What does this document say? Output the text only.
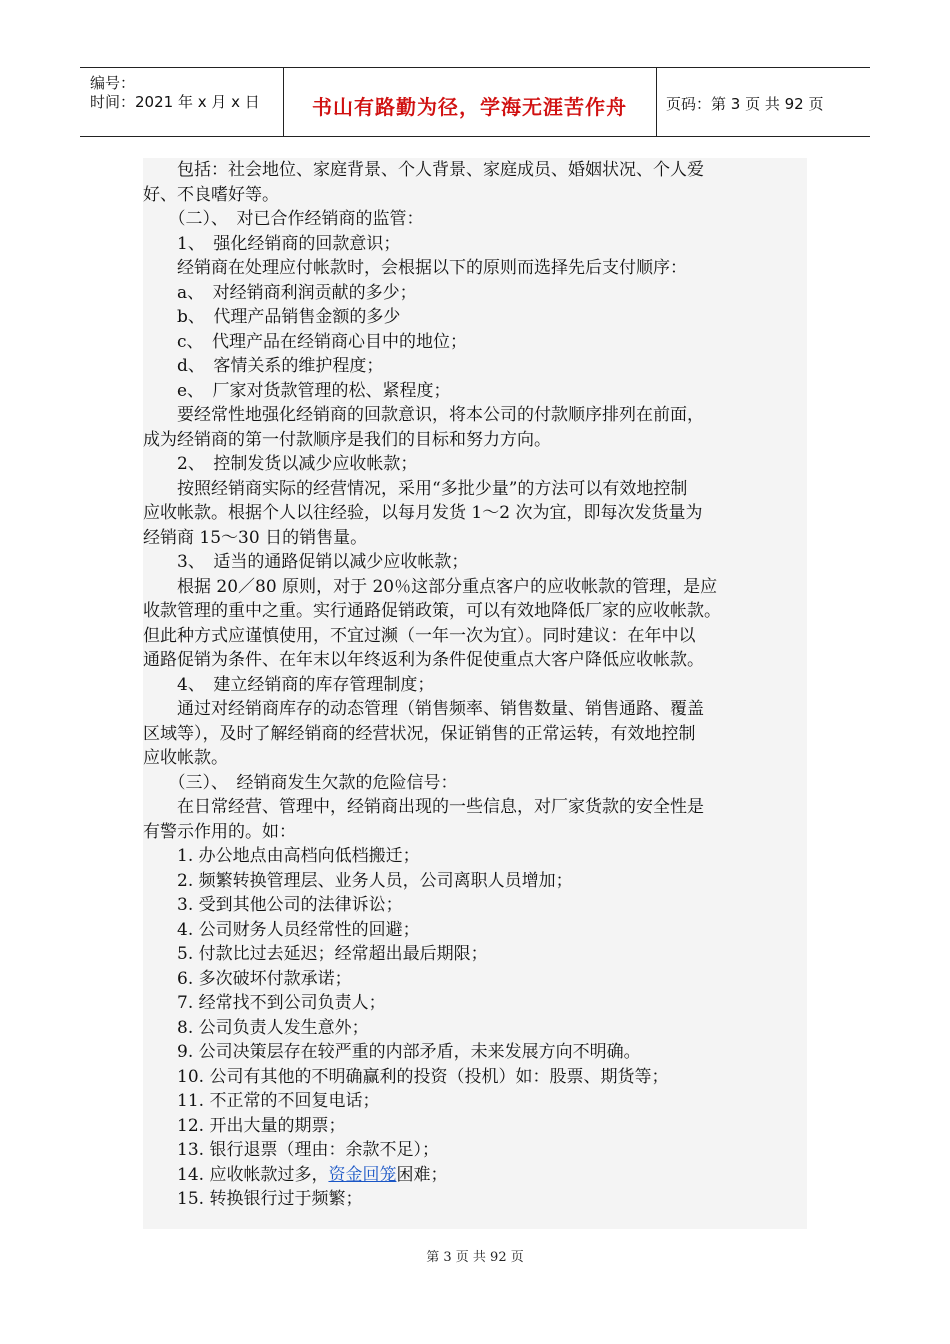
编号：
时间：2021 年 x 月 x 日	书山有路勤为径，学海无涯苦作舟	页码：第 3 页 共 92 页
　　包括：社会地位、家庭背景、个人背景、家庭成员、婚姻状况、个人爱
好、不良嗜好等。
　　（二）、　对已合作经销商的监管：
　　1、　强化经销商的回款意识；
　　经销商在处理应付帐款时，会根据以下的原则而选择先后支付顺序：
　　a、　对经销商利润贡献的多少；
　　b、　代理产品销售金额的多少
　　c、　代理产品在经销商心目中的地位；
　　d、　客情关系的维护程度；
　　e、　厂家对货款管理的松、紧程度；
　　要经常性地强化经销商的回款意识，将本公司的付款顺序排列在前面，
成为经销商的第一付款顺序是我们的目标和努力方向。
　　2、　控制发货以减少应收帐款；
　　按照经销商实际的经营情况，采用“多批少量”的方法可以有效地控制
应收帐款。根据个人以往经验，以每月发货 1～2 次为宜，即每次发货量为
经销商 15～30 日的销售量。
　　3、　适当的通路促销以减少应收帐款；
　　根据 20／80 原则，对于 20％这部分重点客户的应收帐款的管理，是应
收款管理的重中之重。实行通路促销政策，可以有效地降低厂家的应收帐款。
但此种方式应谨慎使用，不宜过濒（一年一次为宜）。同时建议：在年中以
通路促销为条件、在年末以年终返利为条件促使重点大客户降低应收帐款。
　　4、　建立经销商的库存管理制度；
　　通过对经销商库存的动态管理（销售频率、销售数量、销售通路、覆盖
区域等），及时了解经销商的经营状况，保证销售的正常运转，有效地控制
应收帐款。
　　（三）、　经销商发生欠款的危险信号：
　　在日常经营、管理中，经销商出现的一些信息，对厂家货款的安全性是
有警示作用的。如：
　　1. 办公地点由高档向低档搬迁；
　　2. 频繁转换管理层、业务人员，公司离职人员增加；
　　3. 受到其他公司的法律诉讼；
　　4. 公司财务人员经常性的回避；
　　5. 付款比过去延迟；经常超出最后期限；
　　6. 多次破坏付款承诺；
　　7. 经常找不到公司负责人；
　　8. 公司负责人发生意外；
　　9. 公司决策层存在较严重的内部矛盾，未来发展方向不明确。
　　10. 公司有其他的不明确赢利的投资（投机）如：股票、期货等；
　　11. 不正常的不回复电话；
　　12. 开出大量的期票；
　　13. 银行退票（理由：余款不足）；
　　14. 应收帐款过多，资金回笼困难；
　　15. 转换银行过于频繁；
第 3 页 共 92 页
